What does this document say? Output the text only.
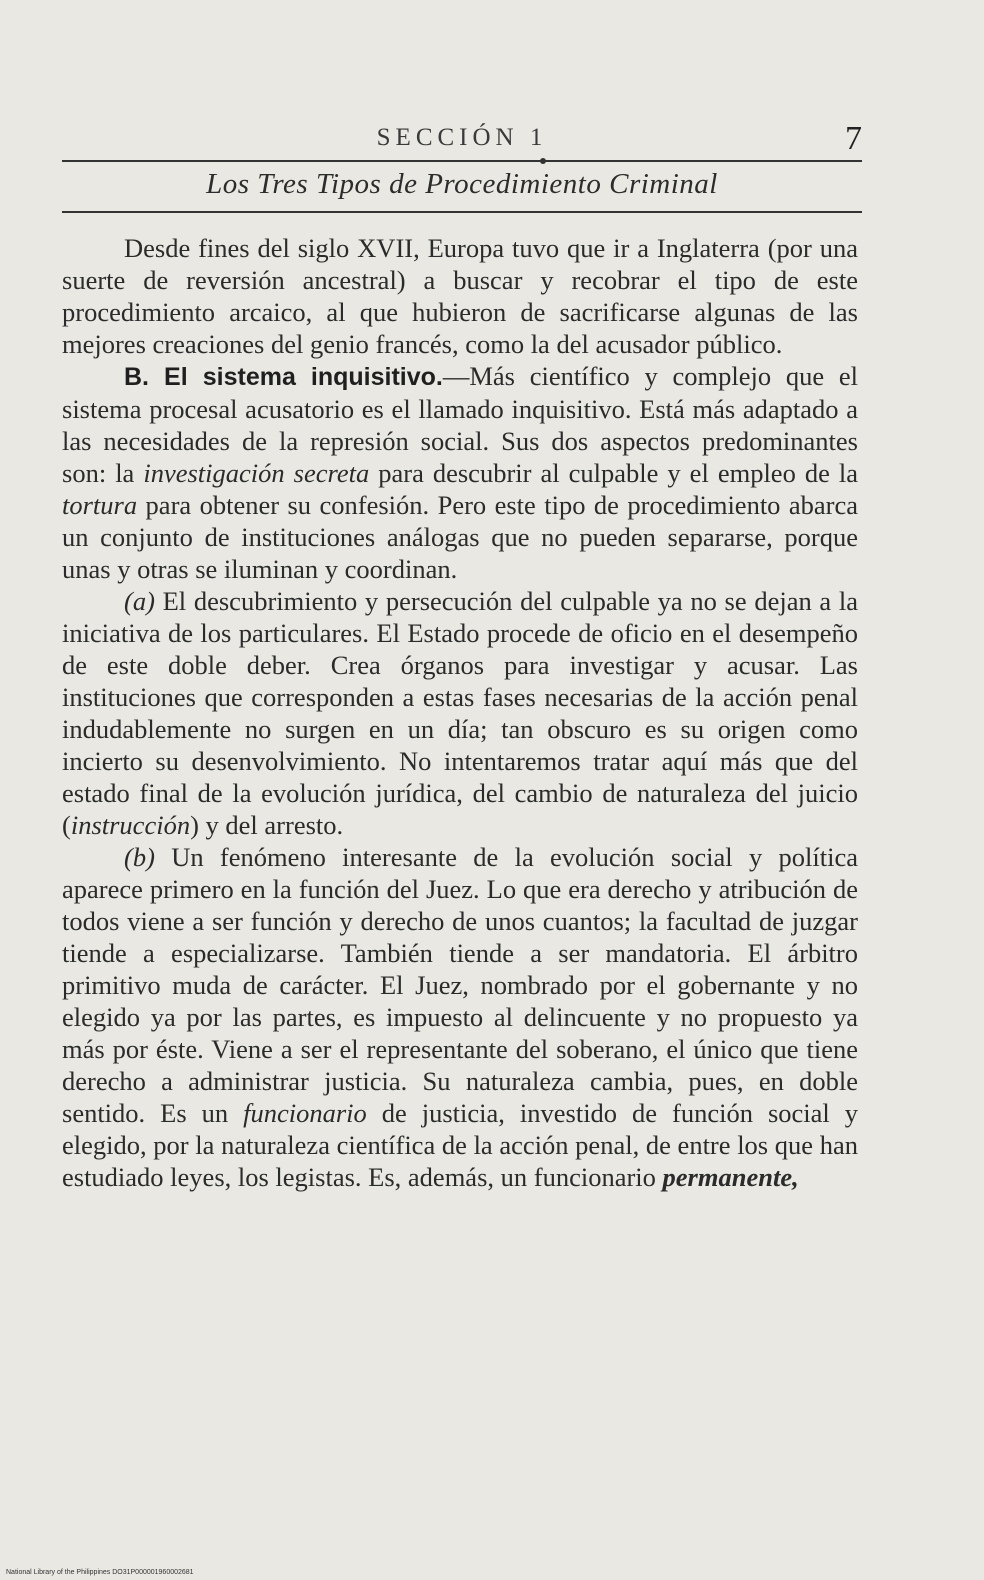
SECCIÓN 1	7
Los Tres Tipos de Procedimiento Criminal

Desde fines del siglo XVII, Europa tuvo que ir a Inglaterra (por una suerte de reversión ancestral) a buscar y recobrar el tipo de este procedimiento arcaico, al que hubieron de sacrificarse algunas de las mejores creaciones del genio francés, como la del acusador público.

B. El sistema inquisitivo.—Más científico y complejo que el sistema procesal acusatorio es el llamado inquisitivo. Está más adaptado a las necesidades de la represión social. Sus dos aspectos predominantes son: la investigación secreta para descubrir al culpable y el empleo de la tortura para obtener su confesión. Pero este tipo de procedimiento abarca un conjunto de instituciones análogas que no pueden separarse, porque unas y otras se iluminan y coordinan.

(a) El descubrimiento y persecución del culpable ya no se dejan a la iniciativa de los particulares. El Estado procede de oficio en el desempeño de este doble deber. Crea órganos para investigar y acusar. Las instituciones que corresponden a estas fases necesarias de la acción penal indudablemente no surgen en un día; tan obscuro es su origen como incierto su desenvolvimiento. No intentaremos tratar aquí más que del estado final de la evolución jurídica, del cambio de naturaleza del juicio (instrucción) y del arresto.

(b) Un fenómeno interesante de la evolución social y política aparece primero en la función del Juez. Lo que era derecho y atribución de todos viene a ser función y derecho de unos cuantos; la facultad de juzgar tiende a especializarse. También tiende a ser mandatoria. El árbitro primitivo muda de carácter. El Juez, nombrado por el gobernante y no elegido ya por las partes, es impuesto al delincuente y no propuesto ya más por éste. Viene a ser el representante del soberano, el único que tiene derecho a administrar justicia. Su naturaleza cambia, pues, en doble sentido. Es un funcionario de justicia, investido de función social y elegido, por la naturaleza científica de la acción penal, de entre los que han estudiado leyes, los legistas. Es, además, un funcionario permanente,

National Library of the Philippines DO31P000001960002681
